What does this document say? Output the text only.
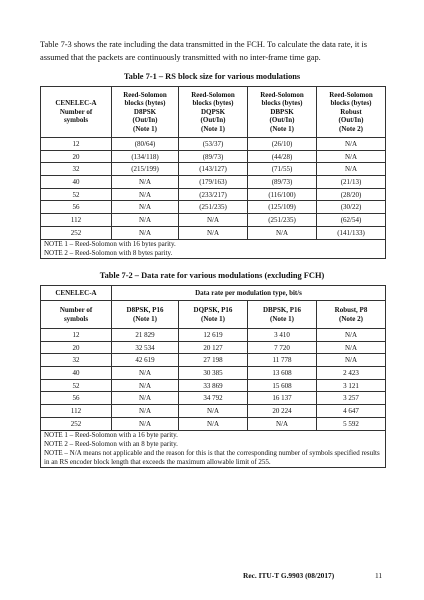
Table 7-3 shows the rate including the data transmitted in the FCH. To calculate the data rate, it is assumed that the packets are continuously transmitted with no inter-frame time gap.

Table 7-1 – RS block size for various modulations
CENELEC-A
Number of
symbols	Reed-Solomon
blocks (bytes)
D8PSK
(Out/In)
(Note 1)	Reed-Solomon
blocks (bytes)
DQPSK
(Out/In)
(Note 1)	Reed-Solomon
blocks (bytes)
DBPSK
(Out/In)
(Note 1)	Reed-Solomon
blocks (bytes)
Robust
(Out/In)
(Note 2)
12	(80/64)	(53/37)	(26/10)	N/A
20	(134/118)	(89/73)	(44/28)	N/A
32	(215/199)	(143/127)	(71/55)	N/A
40	N/A	(179/163)	(89/73)	(21/13)
52	N/A	(233/217)	(116/100)	(28/20)
56	N/A	(251/235)	(125/109)	(30/22)
112	N/A	N/A	(251/235)	(62/54)
252	N/A	N/A	N/A	(141/133)

NOTE 1 – Reed-Solomon with 16 bytes parity.
NOTE 2 – Reed-Solomon with 8 bytes parity.				
Table 7-2 – Data rate for various modulations (excluding FCH)
CENELEC-A	Data rate per modulation type, bit/s			
Number of
symbols	D8PSK, P16
(Note 1)	DQPSK, P16
(Note 1)	DBPSK, P16
(Note 1)	Robust, P8
(Note 2)
12	21 829	12 619	3 410	N/A
20	32 534	20 127	7 720	N/A
32	42 619	27 198	11 778	N/A
40	N/A	30 385	13 608	2 423
52	N/A	33 869	15 608	3 121
56	N/A	34 792	16 137	3 257
112	N/A	N/A	20 224	4 647
252	N/A	N/A	N/A	5 592

NOTE 1 – Reed-Solomon with a 16 byte parity.
NOTE 2 – Reed-Solomon with an 8 byte parity.
NOTE – N/A means not applicable and the reason for this is that the corresponding number of symbols specified results in an RS encoder block length that exceeds the maximum allowable limit of 255.				
Rec. ITU-T G.9903 (08/2017)	11
